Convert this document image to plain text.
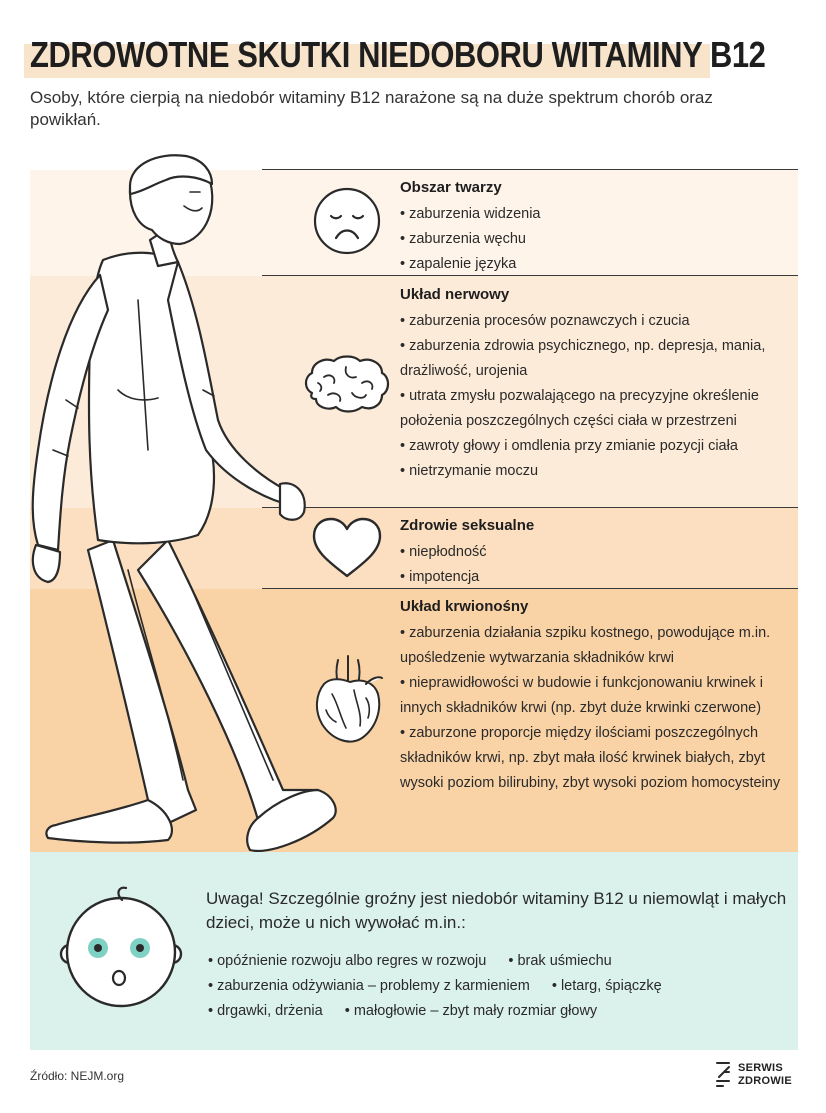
ZDROWOTNE SKUTKI NIEDOBORU WITAMINY B12

Osoby, które cierpią na niedobór witaminy B12 narażone są na duże spektrum chorób oraz powikłań.

Obszar twarzy
• zaburzenia widzenia
• zaburzenia węchu
• zapalenie języka
Układ nerwowy
• zaburzenia procesów poznawczych i czucia
• zaburzenia zdrowia psychicznego, np. depresja, mania, drażliwość, urojenia
• utrata zmysłu pozwalającego na precyzyjne określenie położenia poszczególnych części ciała w przestrzeni
• zawroty głowy i omdlenia przy zmianie pozycji ciała
• nietrzymanie moczu
Zdrowie seksualne
• niepłodność
• impotencja
Układ krwionośny
• zaburzenia działania szpiku kostnego, powodujące m.in. upośledzenie wytwarzania składników krwi
• nieprawidłowości w budowie i funkcjonowaniu krwinek i innych składników krwi (np. zbyt duże krwinki czerwone)
• zaburzone proporcje między ilościami poszczególnych składników krwi, np. zbyt mała ilość krwinek białych, zbyt wysoki poziom bilirubiny, zbyt wysoki poziom homocysteiny

Uwaga! Szczególnie groźny jest niedobór witaminy B12 u niemowląt i małych dzieci, może u nich wywołać m.in.:

• opóźnienie rozwoju albo regres w rozwoju • brak uśmiechu
• zaburzenia odżywiania – problemy z karmieniem • letarg, śpiączkę
• drgawki, drżenia • małogłowie – zbyt mały rozmiar głowy
Źródło: NEJM.org
SERWIS
ZDROWIE
